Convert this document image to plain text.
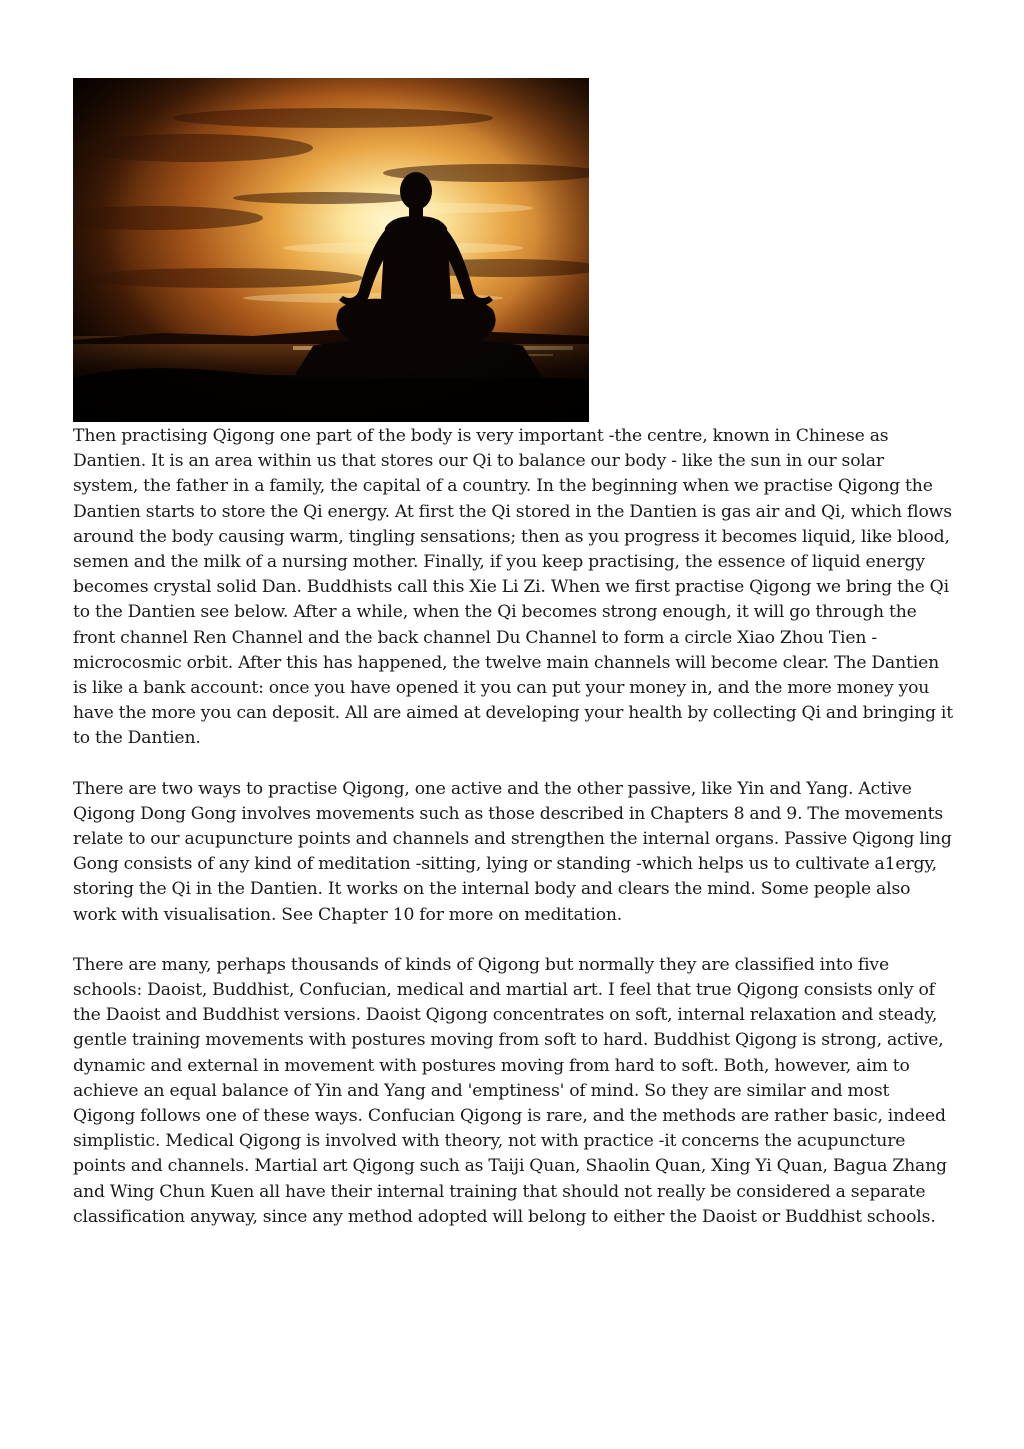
Then practising Qigong one part of the body is very important -the centre, known in Chinese as Dantien. It is an area within us that stores our Qi to balance our body - like the sun in our solar system, the father in a family, the capital of a country. In the beginning when we practise Qigong the Dantien starts to store the Qi energy. At first the Qi stored in the Dantien is gas air and Qi, which flows around the body causing warm, tingling sensations; then as you progress it becomes liquid, like blood, semen and the milk of a nursing mother. Finally, if you keep practising, the essence of liquid energy becomes crystal solid Dan. Buddhists call this Xie Li Zi. When we first practise Qigong we bring the Qi to the Dantien see below. After a while, when the Qi becomes strong enough, it will go through the front channel Ren Channel and the back channel Du Channel to form a circle Xiao Zhou Tien -microcosmic orbit. After this has happened, the twelve main channels will become clear. The Dantien is like a bank account: once you have opened it you can put your money in, and the more money you have the more you can deposit. All are aimed at developing your health by collecting Qi and bringing it to the Dantien.

There are two ways to practise Qigong, one active and the other passive, like Yin and Yang. Active Qigong Dong Gong involves movements such as those described in Chapters 8 and 9. The movements relate to our acupuncture points and channels and strengthen the internal organs. Passive Qigong ling Gong consists of any kind of meditation -sitting, lying or standing -which helps us to cultivate a1ergy, storing the Qi in the Dantien. It works on the internal body and clears the mind. Some people also work with visualisation. See Chapter 10 for more on meditation.

There are many, perhaps thousands of kinds of Qigong but normally they are classified into five schools: Daoist, Buddhist, Confucian, medical and martial art. I feel that true Qigong consists only of the Daoist and Buddhist versions. Daoist Qigong concentrates on soft, internal relaxation and steady, gentle training movements with postures moving from soft to hard. Buddhist Qigong is strong, active, dynamic and external in movement with postures moving from hard to soft. Both, however, aim to achieve an equal balance of Yin and Yang and 'emptiness' of mind. So they are similar and most Qigong follows one of these ways. Confucian Qigong is rare, and the methods are rather basic, indeed simplistic. Medical Qigong is involved with theory, not with practice -it concerns the acupuncture points and channels. Martial art Qigong such as Taiji Quan, Shaolin Quan, Xing Yi Quan, Bagua Zhang and Wing Chun Kuen all have their internal training that should not really be considered a separate classification anyway, since any method adopted will belong to either the Daoist or Buddhist schools.
